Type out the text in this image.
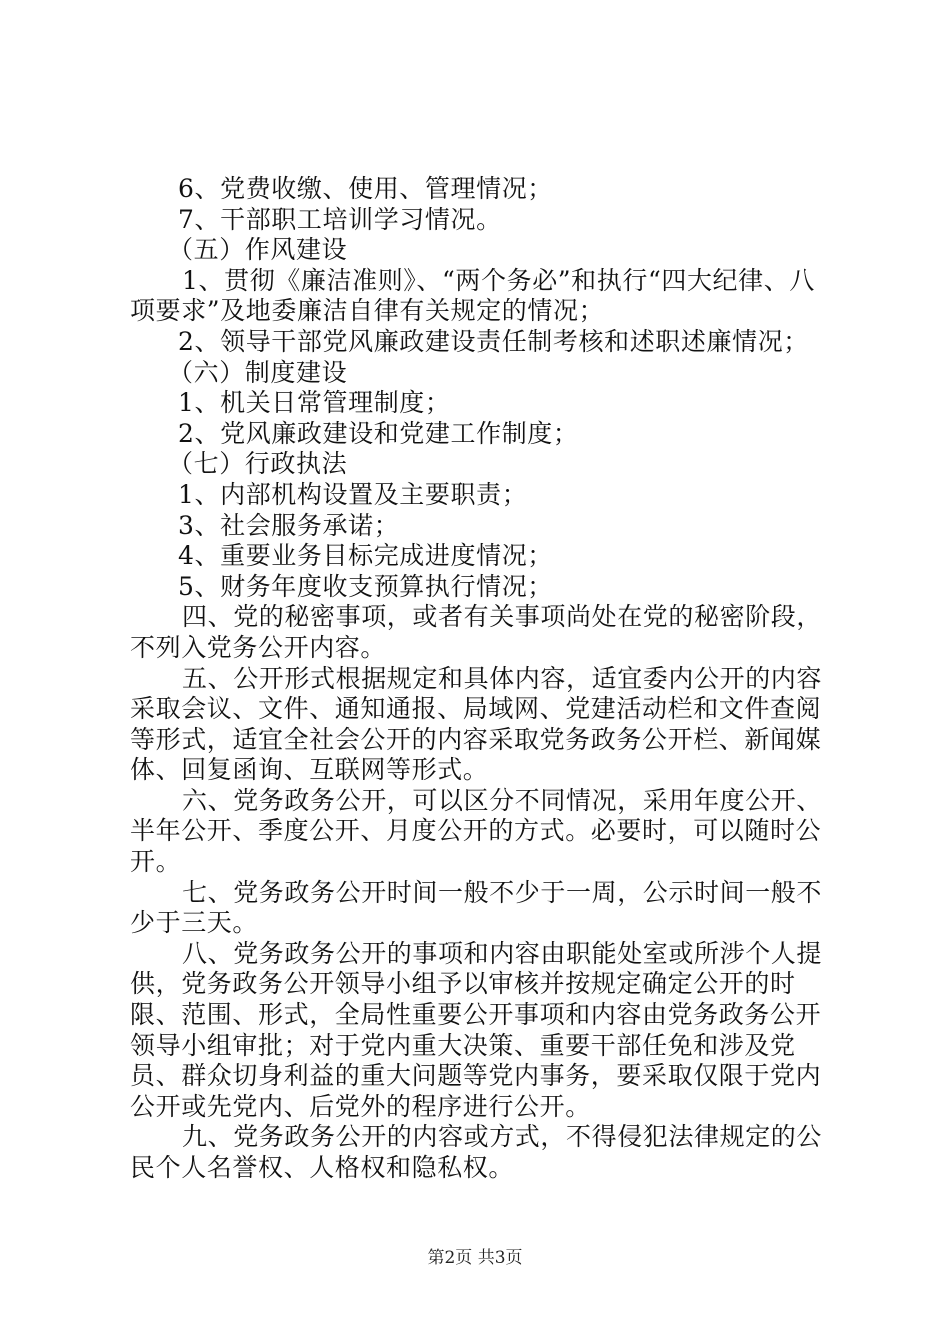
6、党费收缴、使用、管理情况；

7、干部职工培训学习情况。

（五）作风建设

1、贯彻《廉洁准则》、“两个务必”和执行“四大纪律、八项要求”及地委廉洁自律有关规定的情况；

2、领导干部党风廉政建设责任制考核和述职述廉情况；

（六）制度建设

1、机关日常管理制度；

2、党风廉政建设和党建工作制度；

（七）行政执法

1、内部机构设置及主要职责；

3、社会服务承诺；

4、重要业务目标完成进度情况；

5、财务年度收支预算执行情况；

四、党的秘密事项，或者有关事项尚处在党的秘密阶段，不列入党务公开内容。

五、公开形式根据规定和具体内容，适宜委内公开的内容采取会议、文件、通知通报、局域网、党建活动栏和文件查阅等形式，适宜全社会公开的内容采取党务政务公开栏、新闻媒体、回复函询、互联网等形式。

六、党务政务公开，可以区分不同情况，采用年度公开、半年公开、季度公开、月度公开的方式。必要时，可以随时公开。

七、党务政务公开时间一般不少于一周，公示时间一般不少于三天。

八、党务政务公开的事项和内容由职能处室或所涉个人提供，党务政务公开领导小组予以审核并按规定确定公开的时限、范围、形式，全局性重要公开事项和内容由党务政务公开领导小组审批；对于党内重大决策、重要干部任免和涉及党员、群众切身利益的重大问题等党内事务，要采取仅限于党内公开或先党内、后党外的程序进行公开。

九、党务政务公开的内容或方式，不得侵犯法律规定的公民个人名誉权、人格权和隐私权。

第2页 共3页
